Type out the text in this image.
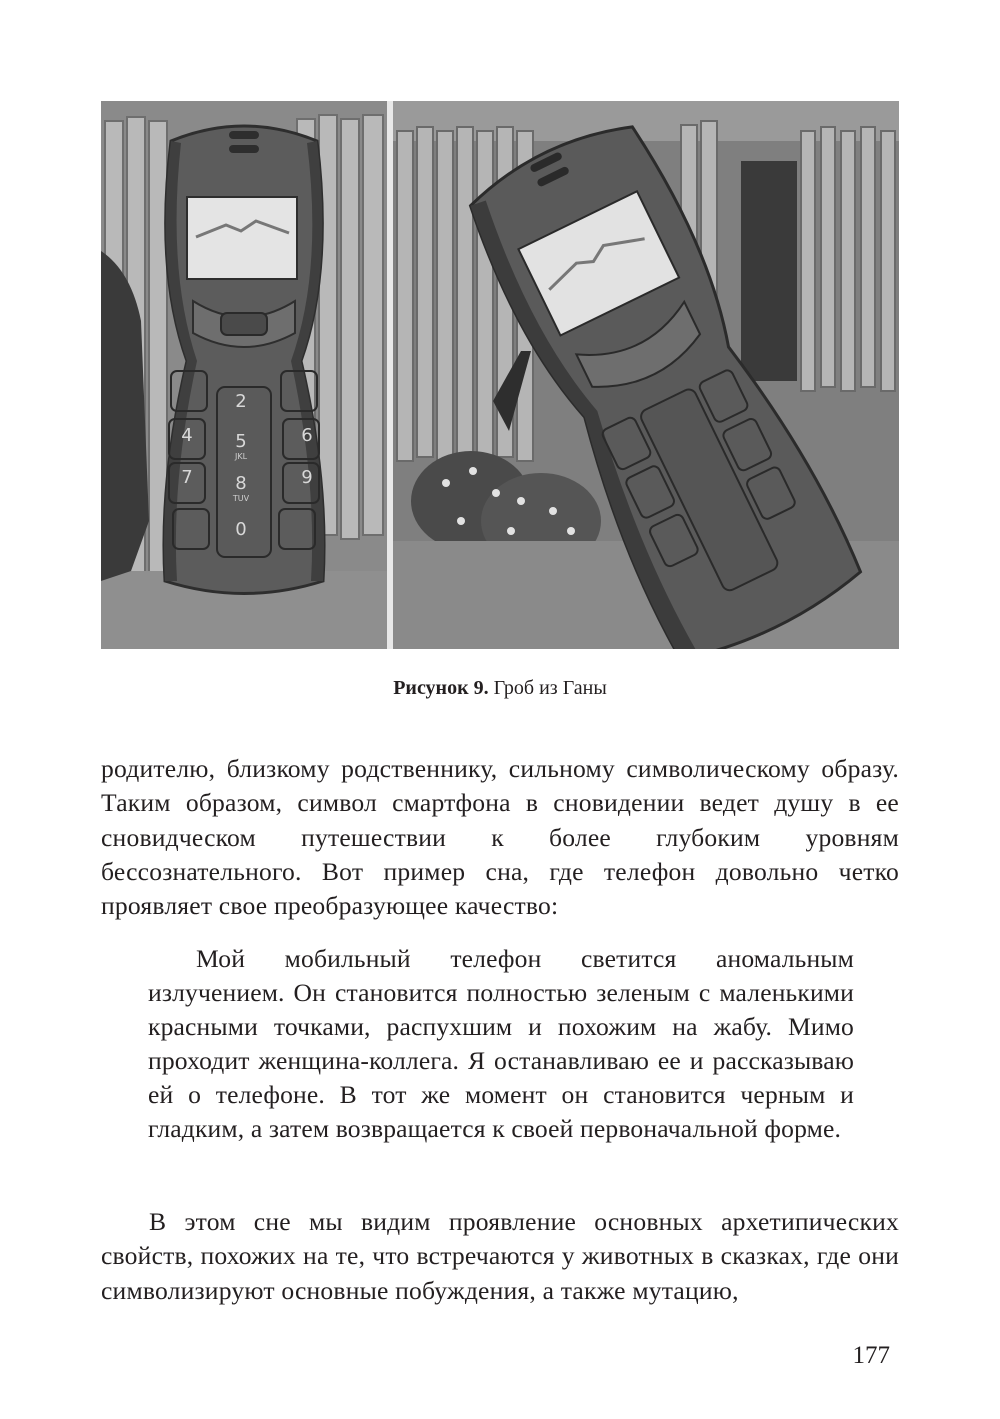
2
5
8
0
4	6
7	9
JKL
TUV
Рисунок 9. Гроб из Ганы
родителю, близкому родственнику, сильному символическому образу. Таким образом, символ смартфона в сновидении ведет душу в ее сновидческом путешествии к более глубоким уровням бессознательного. Вот пример сна, где телефон довольно четко проявляет свое преобразующее качество:
Мой мобильный телефон светится аномальным излучением. Он становится полностью зеленым с маленькими красными точками, распухшим и похожим на жабу. Мимо проходит женщина-коллега. Я останавливаю ее и рассказываю ей о телефоне. В тот же момент он становится черным и гладким, а затем возвращается к своей первоначальной форме.
В этом сне мы видим проявление основных архетипических свойств, похожих на те, что встречаются у животных в сказках, где они символизируют основные побуждения, а также мутацию,
177
